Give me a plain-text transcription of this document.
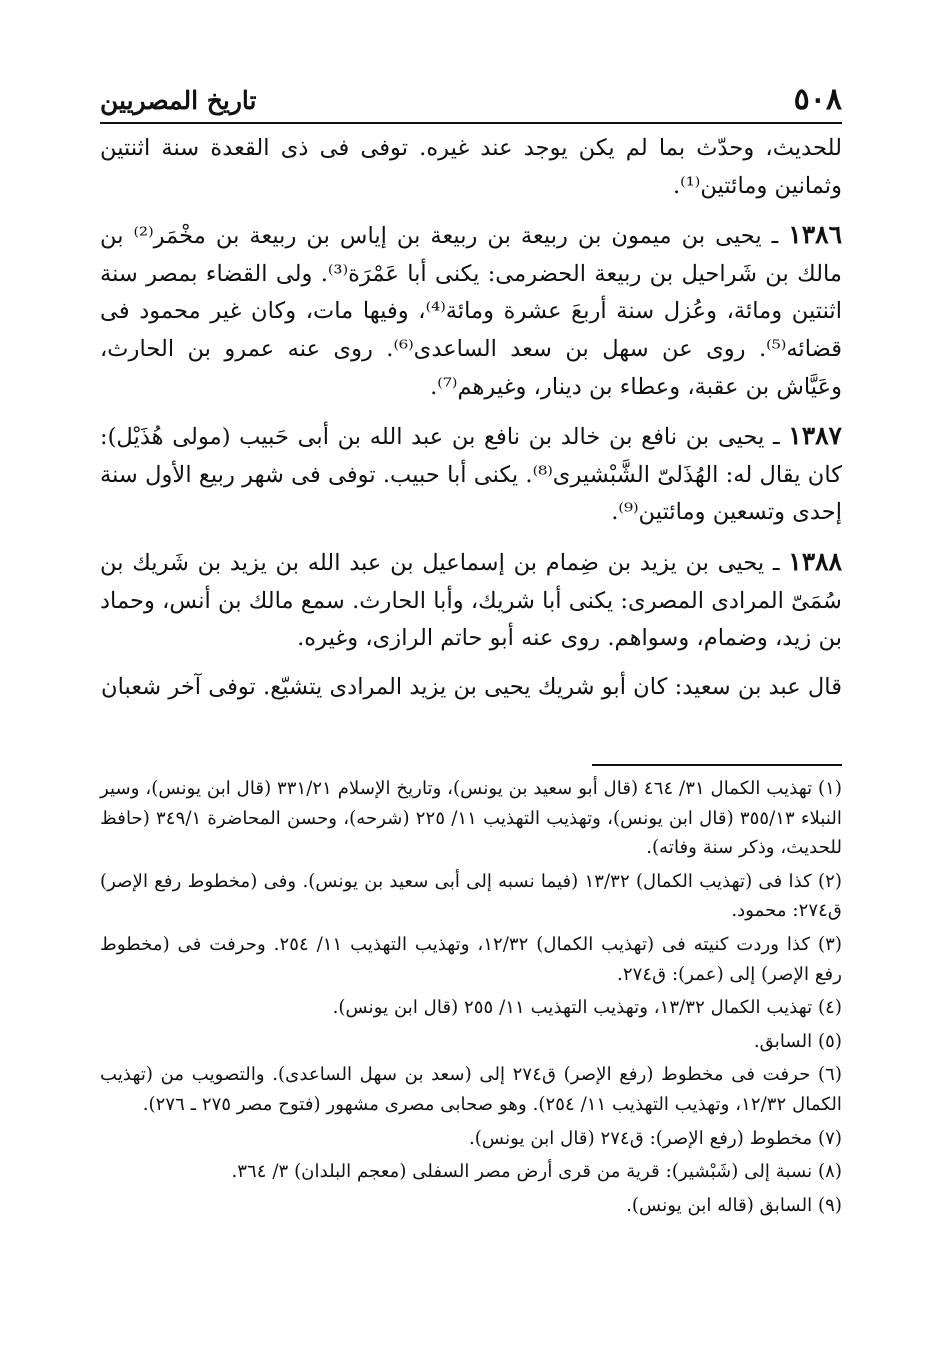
٥٠٨
تاريخ المصريين

للحديث، وحدّث بما لم يكن يوجد عند غيره. توفى فى ذى القعدة سنة اثنتين وثمانين ومائتين⁽¹⁾.

١٣٨٦ ـ يحيى بن ميمون بن ربيعة بن ربيعة بن إياس بن ربيعة بن مخْمَر⁽²⁾ بن مالك بن شَراحيل بن ربيعة الحضرمى: يكنى أبا عَمْرَة⁽³⁾. ولى القضاء بمصر سنة اثنتين ومائة، وعُزل سنة أربعَ عشرة ومائة⁽⁴⁾، وفيها مات، وكان غير محمود فى قضائه⁽⁵⁾. روى عن سهل بن سعد الساعدى⁽⁶⁾. روى عنه عمرو بن الحارث، وعَيَّاش بن عقبة، وعطاء بن دينار، وغيرهم⁽⁷⁾.

١٣٨٧ ـ يحيى بن نافع بن خالد بن نافع بن عبد الله بن أبى حَبيب (مولى هُذَيْل): كان يقال له: الهُذَلىّ الشَّبْشيرى⁽⁸⁾. يكنى أبا حبيب. توفى فى شهر ربيع الأول سنة إحدى وتسعين ومائتين⁽⁹⁾.

١٣٨٨ ـ يحيى بن يزيد بن ضِمام بن إسماعيل بن عبد الله بن يزيد بن شَريك بن سُمَىّ المرادى المصرى: يكنى أبا شريك، وأبا الحارث. سمع مالك بن أنس، وحماد بن زيد، وضمام، وسواهم. روى عنه أبو حاتم الرازى، وغيره.

قال عبد بن سعيد: كان أبو شريك يحيى بن يزيد المرادى يتشيّع. توفى آخر شعبان

(١) تهذيب الكمال ٣١/ ٤٦٤ (قال أبو سعيد بن يونس)، وتاريخ الإسلام ٣٣١/٢١ (قال ابن يونس)، وسير النبلاء ٣٥٥/١٣ (قال ابن يونس)، وتهذيب التهذيب ١١/ ٢٢٥ (شرحه)، وحسن المحاضرة ٣٤٩/١ (حافظ للحديث، وذكر سنة وفاته).

(٢) كذا فى (تهذيب الكمال) ١٣/٣٢ (فيما نسبه إلى أبى سعيد بن يونس). وفى (مخطوط رفع الإصر) ق٢٧٤: محمود.

(٣) كذا وردت كنيته فى (تهذيب الكمال) ١٢/٣٢، وتهذيب التهذيب ١١/ ٢٥٤. وحرفت فى (مخطوط رفع الإصر) إلى (عمر): ق٢٧٤.

(٤) تهذيب الكمال ١٣/٣٢، وتهذيب التهذيب ١١/ ٢٥٥ (قال ابن يونس).

(٥) السابق.

(٦) حرفت فى مخطوط (رفع الإصر) ق٢٧٤ إلى (سعد بن سهل الساعدى). والتصويب من (تهذيب الكمال ١٢/٣٢، وتهذيب التهذيب ١١/ ٢٥٤). وهو صحابى مصرى مشهور (فتوح مصر ٢٧٥ ـ ٢٧٦).

(٧) مخطوط (رفع الإصر): ق٢٧٤ (قال ابن يونس).

(٨) نسبة إلى (شَبْشير): قرية من قرى أرض مصر السفلى (معجم البلدان) ٣/ ٣٦٤.

(٩) السابق (قاله ابن يونس).
